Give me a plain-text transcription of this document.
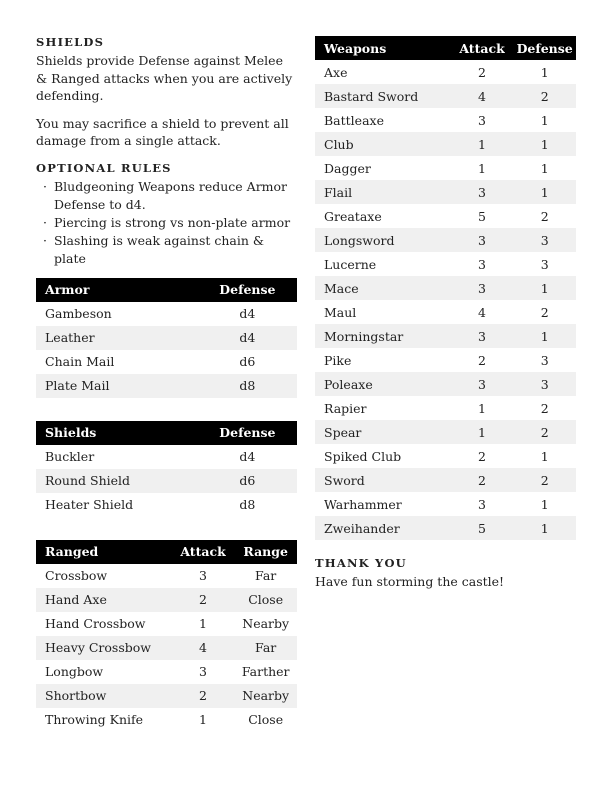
SHIELDS

Shields provide Defense against Melee & Ranged attacks when you are actively defending.

You may sacrifice a shield to prevent all damage from a single attack.

OPTIONAL RULES
· Bludgeoning Weapons reduce Armor Defense to d4.
· Piercing is strong vs non-plate armor
· Slashing is weak against chain & plate
Armor	Defense
Gambeson	d4
Leather	d4
Chain Mail	d6
Plate Mail	d8
Shields	Defense
Buckler	d4
Round Shield	d6
Heater Shield	d8
Ranged	Attack	Range
Crossbow	3	Far
Hand Axe	2	Close
Hand Crossbow	1	Nearby
Heavy Crossbow	4	Far
Longbow	3	Farther
Shortbow	2	Nearby
Throwing Knife	1	Close
Weapons	Attack	Defense
Axe	2	1
Bastard Sword	4	2
Battleaxe	3	1
Club	1	1
Dagger	1	1
Flail	3	1
Greataxe	5	2
Longsword	3	3
Lucerne	3	3
Mace	3	1
Maul	4	2
Morningstar	3	1
Pike	2	3
Poleaxe	3	3
Rapier	1	2
Spear	1	2
Spiked Club	2	1
Sword	2	2
Warhammer	3	1
Zweihander	5	1
THANK YOU

Have fun storming the castle!
